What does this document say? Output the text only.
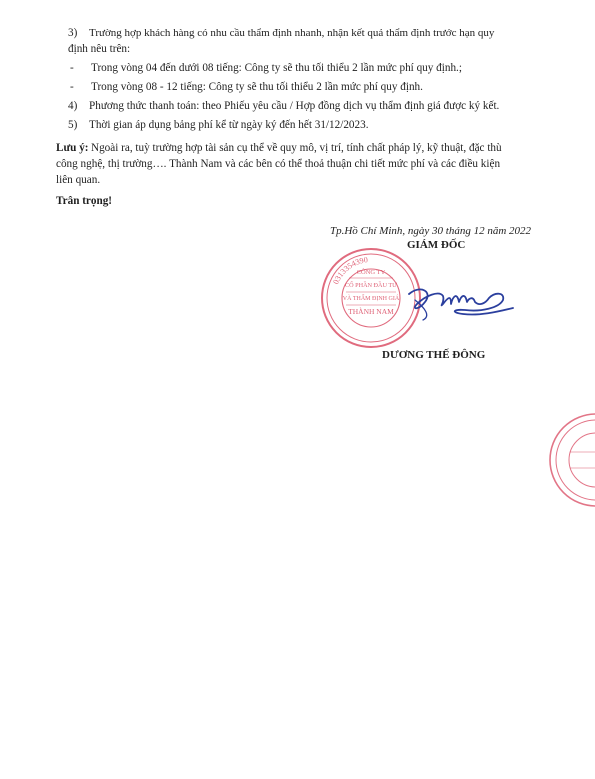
3) Trường hợp khách hàng có nhu cầu thẩm định nhanh, nhận kết quả thẩm định trước hạn quy
định nêu trên:
- Trong vòng 04 đến dưới 08 tiếng: Công ty sẽ thu tối thiểu 2 lần mức phí quy định.;
- Trong vòng 08 - 12 tiếng: Công ty sẽ thu tối thiểu 2 lần mức phí quy định.
4) Phương thức thanh toán: theo Phiếu yêu cầu / Hợp đồng dịch vụ thẩm định giá được ký kết.
5) Thời gian áp dụng bảng phí kể từ ngày ký đến hết 31/12/2023.
Lưu ý: Ngoài ra, tuỳ trường hợp tài sản cụ thể về quy mô, vị trí, tính chất pháp lý, kỹ thuật, đặc thù
công nghệ, thị trường…. Thành Nam và các bên có thể thoả thuận chi tiết mức phí và các điều kiện
liên quan.
Trân trọng!
Tp.Hồ Chí Minh, ngày 30 tháng 12 năm 2022
GIÁM ĐỐC
0313354390
CÔNG TY
CỔ PHẦN ĐẦU TƯ
VÀ THẨM ĐỊNH GIÁ
THÀNH NAM
DƯƠNG THẾ ĐÔNG
